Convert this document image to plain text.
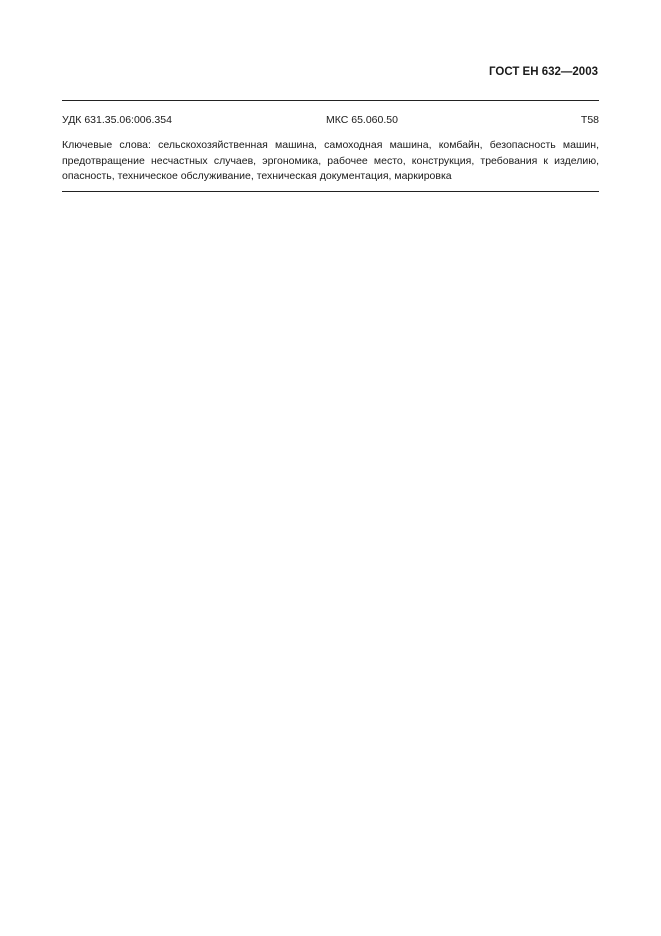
ГОСТ ЕН 632—2003
УДК 631.35.06:006.354	МКС 65.060.50	Т58
Ключевые слова: сельскохозяйственная машина, самоходная машина, комбайн, безопасность машин,
предотвращение несчастных случаев, эргономика, рабочее место, конструкция, требования к изделию,
опасность, техническое обслуживание, техническая документация, маркировка
